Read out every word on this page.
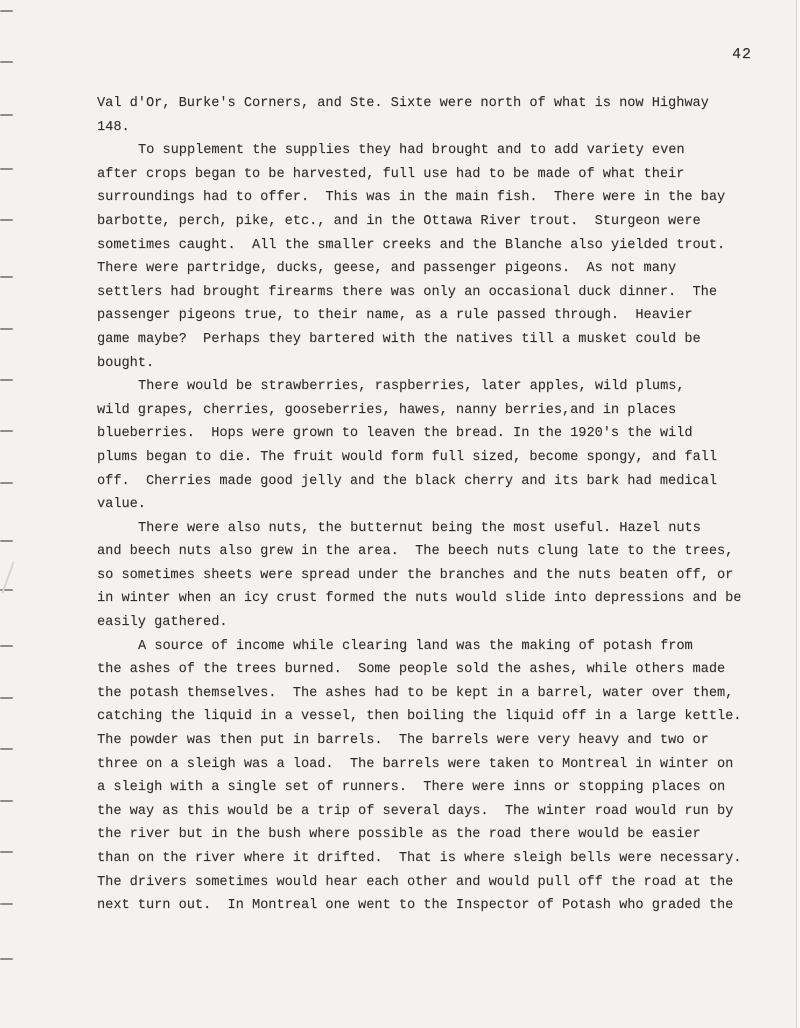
42
Val d'Or, Burke's Corners, and Ste. Sixte were north of what is now Highway
148.
To supplement the supplies they had brought and to add variety even
after crops began to be harvested, full use had to be made of what their
surroundings had to offer.  This was in the main fish.  There were in the bay
barbotte, perch, pike, etc., and in the Ottawa River trout.  Sturgeon were
sometimes caught.  All the smaller creeks and the Blanche also yielded trout.
There were partridge, ducks, geese, and passenger pigeons.  As not many
settlers had brought firearms there was only an occasional duck dinner.  The
passenger pigeons true, to their name, as a rule passed through.  Heavier
game maybe?  Perhaps they bartered with the natives till a musket could be
bought.
There would be strawberries, raspberries, later apples, wild plums,
wild grapes, cherries, gooseberries, hawes, nanny berries,and in places
blueberries.  Hops were grown to leaven the bread. In the 1920's the wild
plums began to die. The fruit would form full sized, become spongy, and fall
off.  Cherries made good jelly and the black cherry and its bark had medical
value.
There were also nuts, the butternut being the most useful. Hazel nuts
and beech nuts also grew in the area.  The beech nuts clung late to the trees,
so sometimes sheets were spread under the branches and the nuts beaten off, or
in winter when an icy crust formed the nuts would slide into depressions and be
easily gathered.
A source of income while clearing land was the making of potash from
the ashes of the trees burned.  Some people sold the ashes, while others made
the potash themselves.  The ashes had to be kept in a barrel, water over them,
catching the liquid in a vessel, then boiling the liquid off in a large kettle.
The powder was then put in barrels.  The barrels were very heavy and two or
three on a sleigh was a load.  The barrels were taken to Montreal in winter on
a sleigh with a single set of runners.  There were inns or stopping places on
the way as this would be a trip of several days.  The winter road would run by
the river but in the bush where possible as the road there would be easier
than on the river where it drifted.  That is where sleigh bells were necessary.
The drivers sometimes would hear each other and would pull off the road at the
next turn out.  In Montreal one went to the Inspector of Potash who graded the
